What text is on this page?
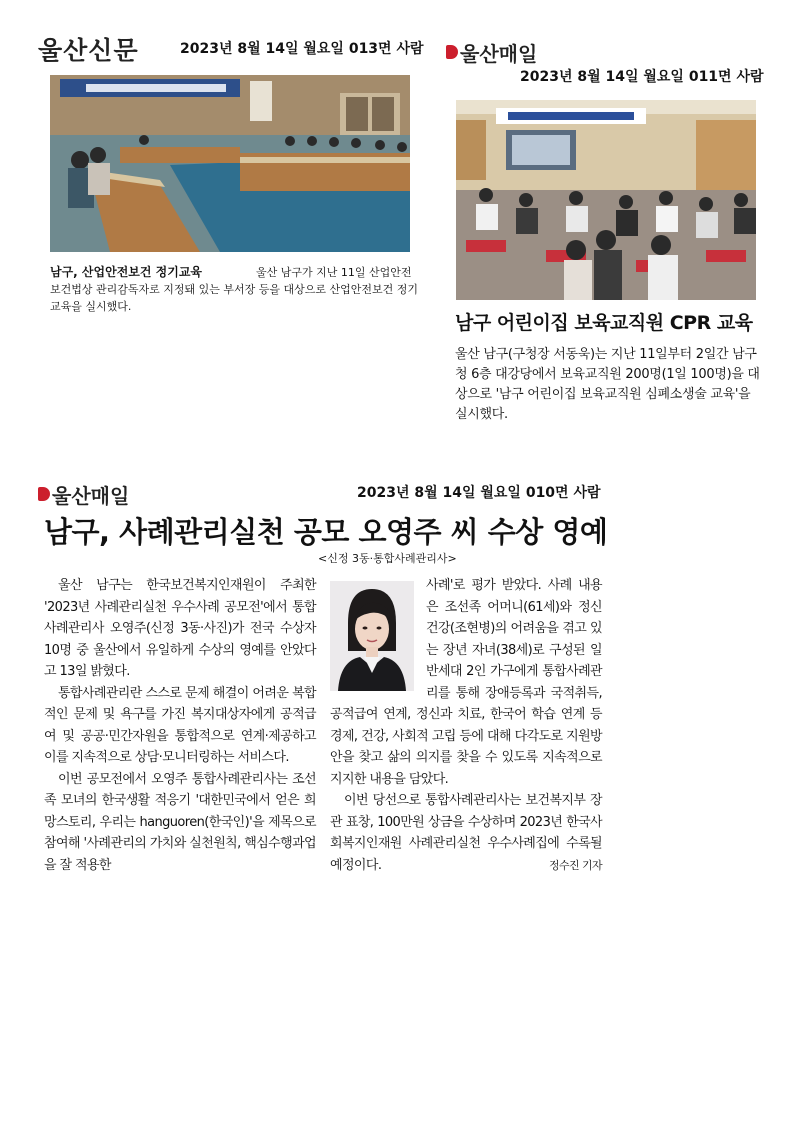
울산신문	2023년 8월 14일 월요일 013면 사람
남구, 산업안전보건 정기교육	울산 남구가 지난 11일 산업안전보건법상 관리감독자로 지정돼 있는 부서장 등을 대상으로 산업안전보건 정기교육을 실시했다.
울산매일
2023년 8월 14일 월요일 011면 사람
남구 어린이집 보육교직원 CPR 교육
울산 남구(구청장 서동욱)는 지난 11일부터 2일간 남구청 6층 대강당에서 보육교직원 200명(1일 100명)을 대상으로 '남구 어린이집 보육교직원 심폐소생술 교육'을 실시했다.
울산매일	2023년 8월 14일 월요일 010면 사람
남구, 사례관리실천 공모 오영주 씨 수상 영예
<신정 3동·통합사례관리사>

울산 남구는 한국보건복지인재원이 주최한 '2023년 사례관리실천 우수사례 공모전'에서 통합사례관리사 오영주(신정 3동·사진)가 전국 수상자 10명 중 울산에서 유일하게 수상의 영예를 안았다고 13일 밝혔다.

통합사례관리란 스스로 문제 해결이 어려운 복합적인 문제 및 욕구를 가진 복지대상자에게 공적급여 및 공공·민간자원을 통합적으로 연계·제공하고 이를 지속적으로 상담·모니터링하는 서비스다.

이번 공모전에서 오영주 통합사례관리사는 조선족 모녀의 한국생활 적응기 '대한민국에서 얻은 희망스토리, 우리는 hanguoren(한국인)'을 제목으로 참여해 '사례관리의 가치와 실천원칙, 핵심수행과업을 잘 적용한

사례'로 평가 받았다. 사례 내용은 조선족 어머니(61세)와 정신건강(조현병)의 어려움을 겪고 있는 장년 자녀(38세)로 구성된 일반세대 2인 가구에게 통합사례관리를 통해 장애등록과 국적취득, 공적급여 연계, 정신과 치료, 한국어 학습 연계 등 경제, 건강, 사회적 고립 등에 대해 다각도로 지원방안을 찾고 삶의 의지를 찾을 수 있도록 지속적으로 지지한 내용을 담았다.

이번 당선으로 통합사례관리사는 보건복지부 장관 표창, 100만원 상금을 수상하며 2023년 한국사회복지인재원 사례관리실천 우수사례집에 수록될 예정이다.	정수진 기자
